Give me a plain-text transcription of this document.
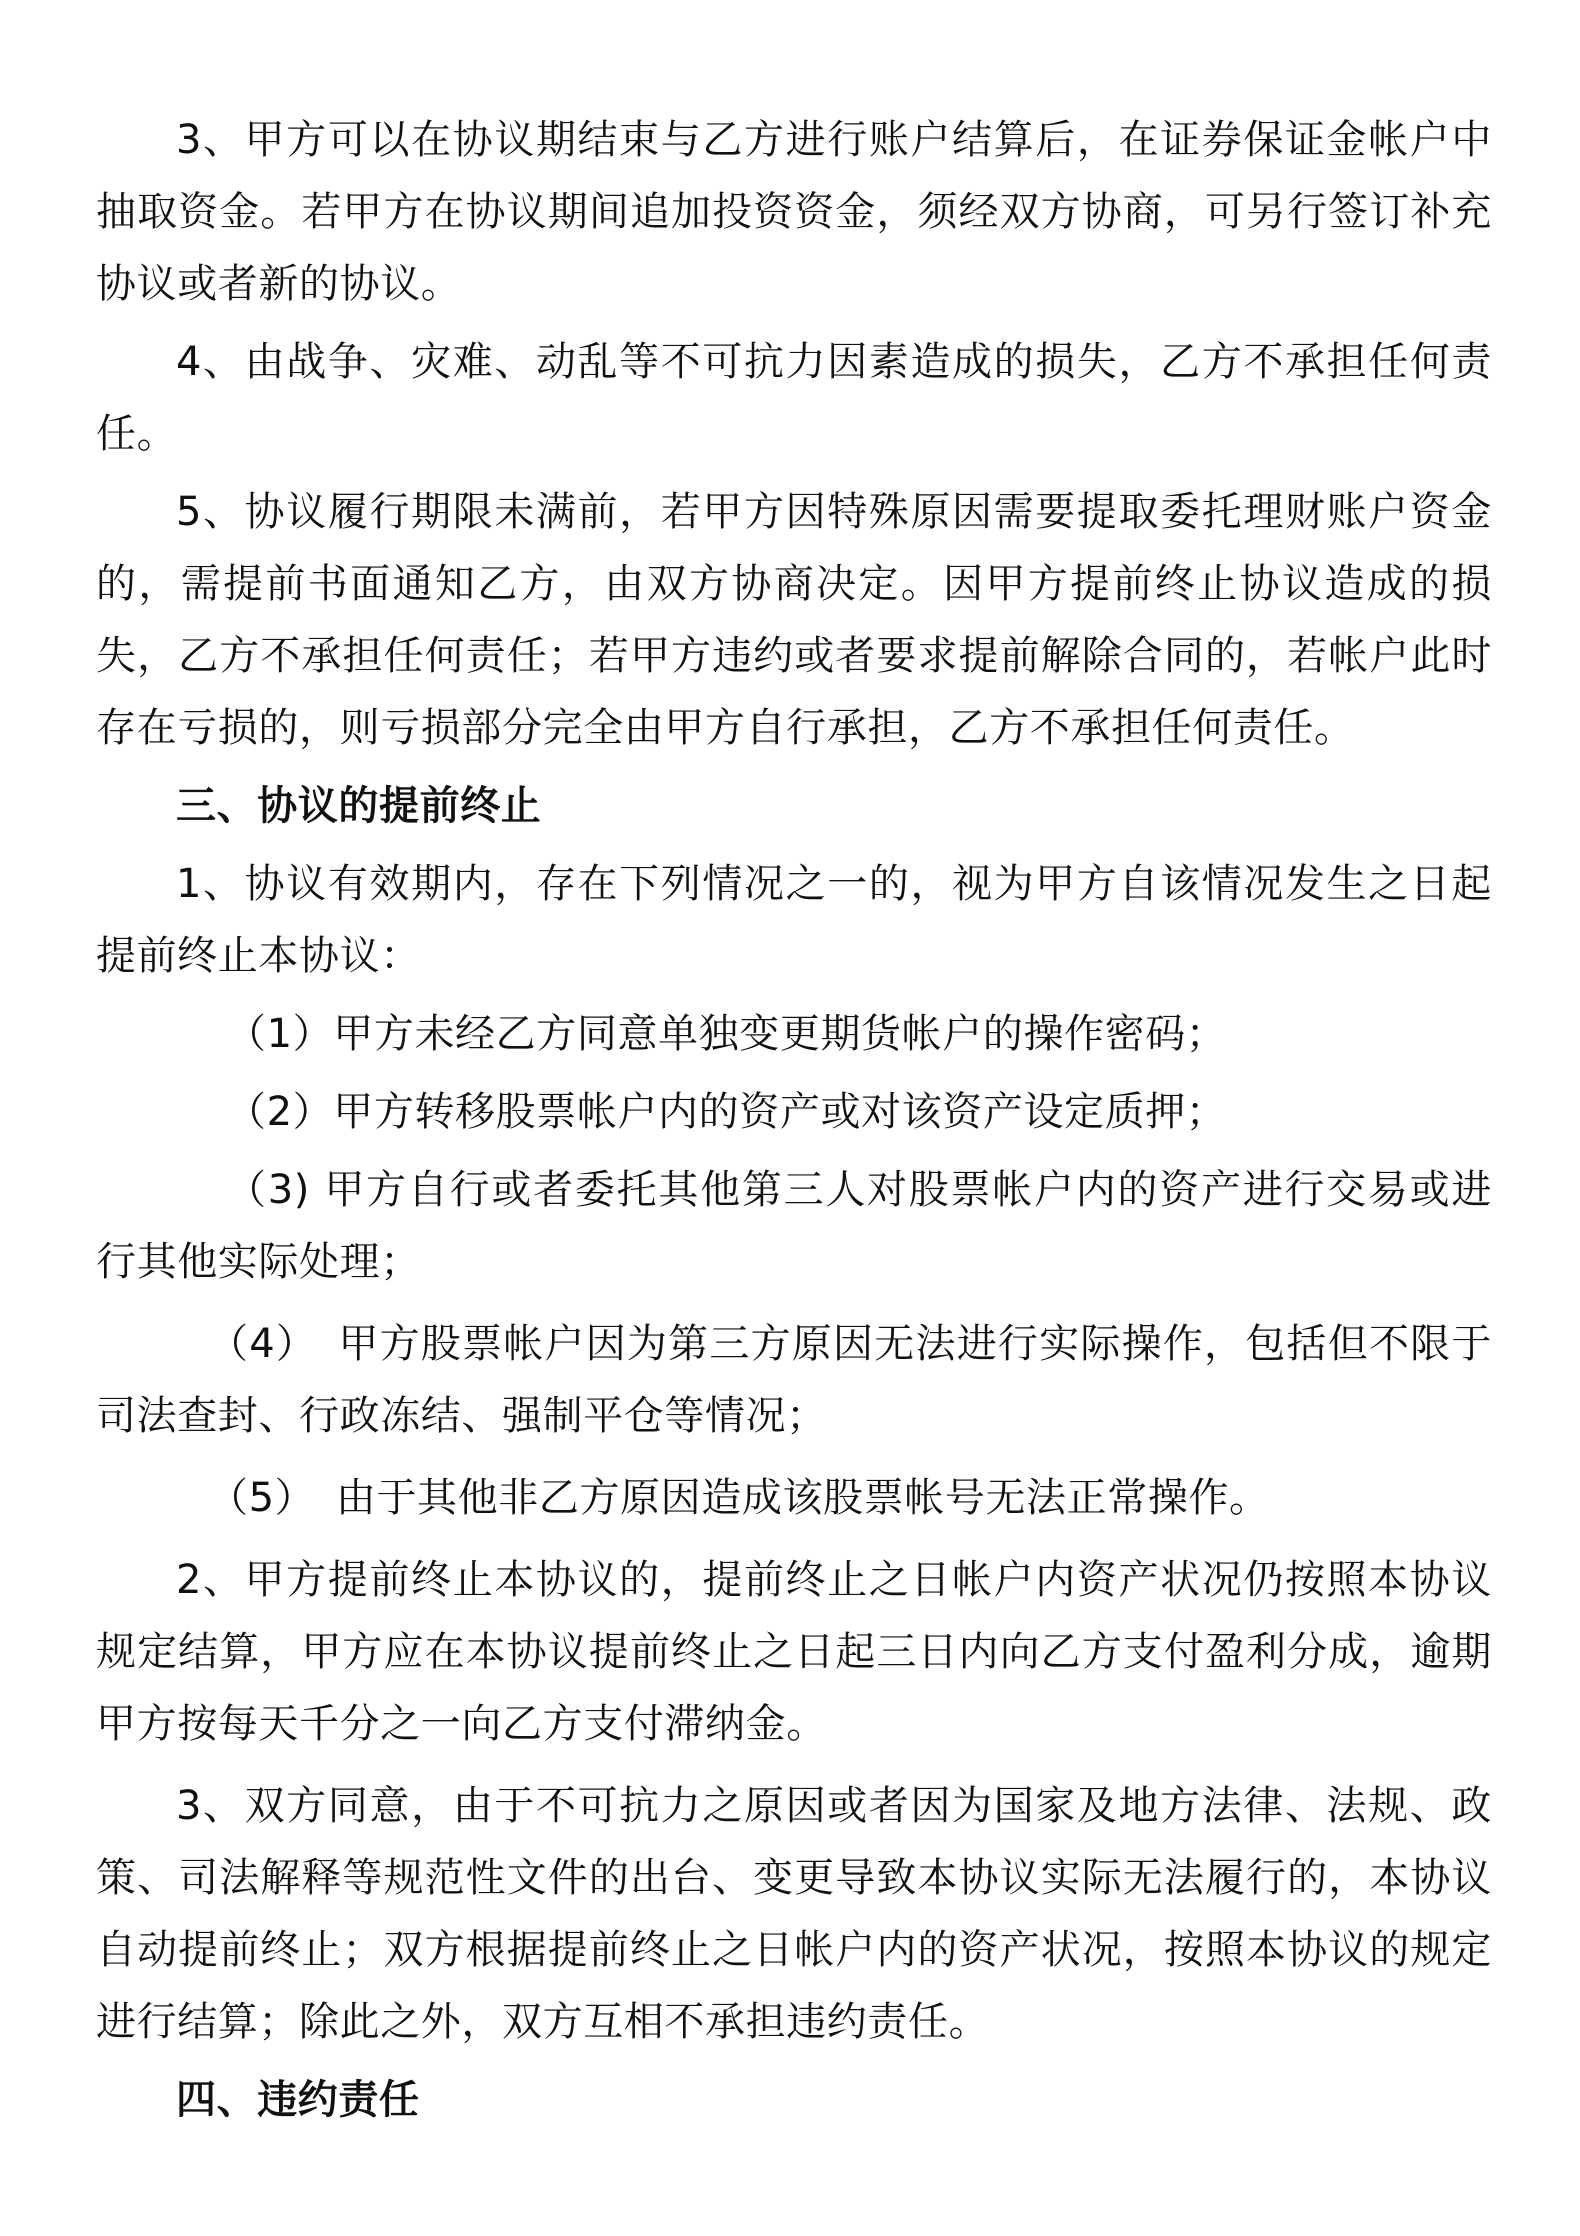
3、甲方可以在协议期结束与乙方进行账户结算后，在证券保证金帐户中抽取资金。若甲方在协议期间追加投资资金，须经双方协商，可另行签订补充协议或者新的协议。

4、由战争、灾难、动乱等不可抗力因素造成的损失，乙方不承担任何责任。

5、协议履行期限未满前，若甲方因特殊原因需要提取委托理财账户资金的，需提前书面通知乙方，由双方协商决定。因甲方提前终止协议造成的损失，乙方不承担任何责任；若甲方违约或者要求提前解除合同的，若帐户此时存在亏损的，则亏损部分完全由甲方自行承担，乙方不承担任何责任。

三、协议的提前终止

1、协议有效期内，存在下列情况之一的，视为甲方自该情况发生之日起提前终止本协议：

（1）甲方未经乙方同意单独变更期货帐户的操作密码；

（2）甲方转移股票帐户内的资产或对该资产设定质押；

（3) 甲方自行或者委托其他第三人对股票帐户内的资产进行交易或进行其他实际处理；

（4）　甲方股票帐户因为第三方原因无法进行实际操作，包括但不限于司法查封、行政冻结、强制平仓等情况；

（5）　由于其他非乙方原因造成该股票帐号无法正常操作。

2、甲方提前终止本协议的，提前终止之日帐户内资产状况仍按照本协议规定结算，甲方应在本协议提前终止之日起三日内向乙方支付盈利分成，逾期甲方按每天千分之一向乙方支付滞纳金。

3、双方同意，由于不可抗力之原因或者因为国家及地方法律、法规、政策、司法解释等规范性文件的出台、变更导致本协议实际无法履行的，本协议自动提前终止；双方根据提前终止之日帐户内的资产状况，按照本协议的规定进行结算；除此之外，双方互相不承担违约责任。

四、违约责任
